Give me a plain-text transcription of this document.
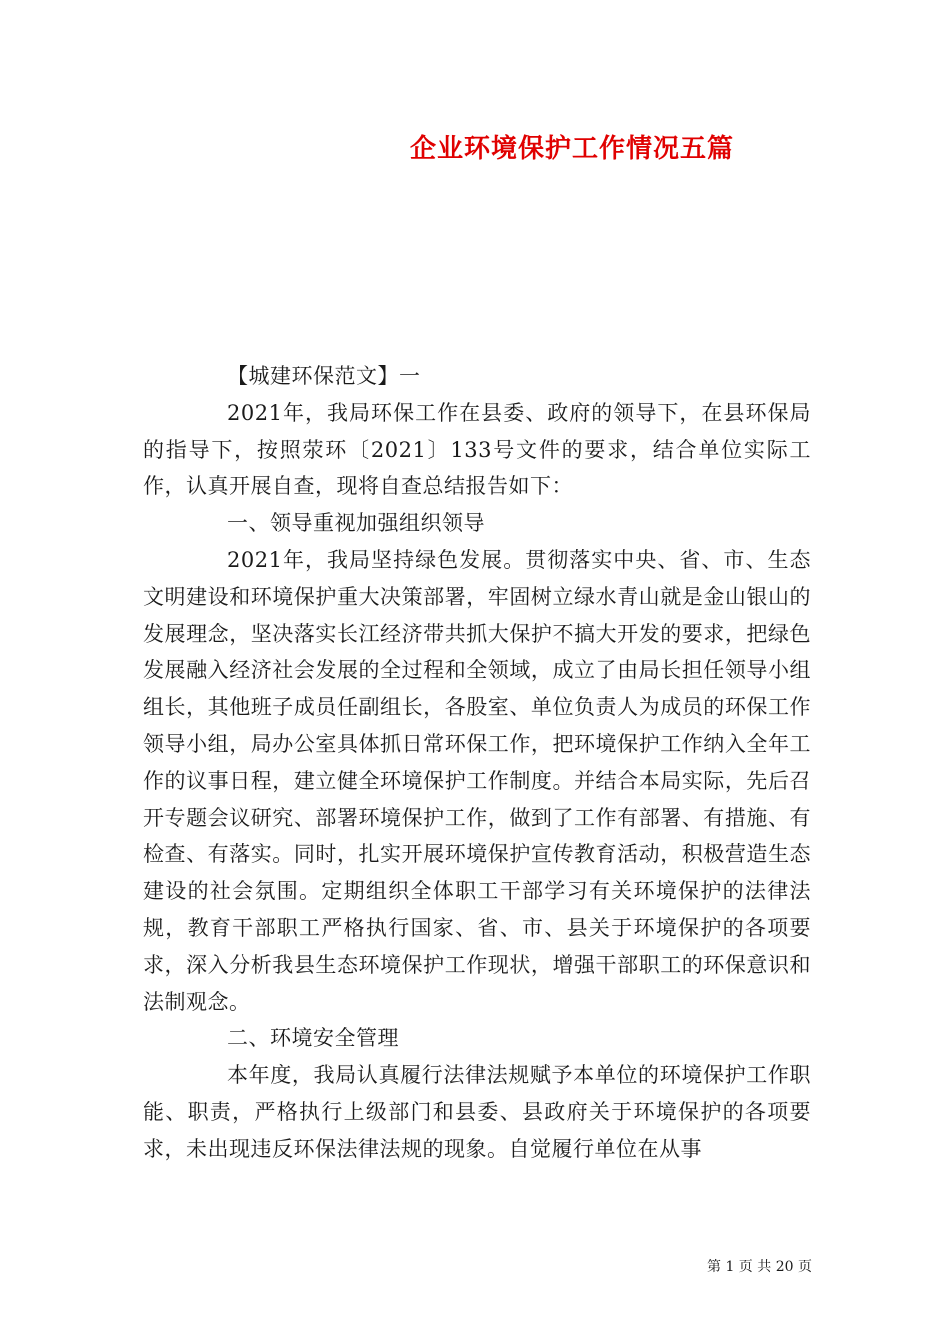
企业环境保护工作情况五篇

【城建环保范文】一

2021年，我局环保工作在县委、政府的领导下，在县环保局的指导下，按照荥环〔2021〕133号文件的要求，结合单位实际工作，认真开展自查，现将自查总结报告如下：

一、领导重视加强组织领导

2021年，我局坚持绿色发展。贯彻落实中央、省、市、生态文明建设和环境保护重大决策部署，牢固树立绿水青山就是金山银山的发展理念，坚决落实长江经济带共抓大保护不搞大开发的要求，把绿色发展融入经济社会发展的全过程和全领域，成立了由局长担任领导小组组长，其他班子成员任副组长，各股室、单位负责人为成员的环保工作领导小组，局办公室具体抓日常环保工作，把环境保护工作纳入全年工作的议事日程，建立健全环境保护工作制度。并结合本局实际，先后召开专题会议研究、部署环境保护工作，做到了工作有部署、有措施、有检查、有落实。同时，扎实开展环境保护宣传教育活动，积极营造生态建设的社会氛围。定期组织全体职工干部学习有关环境保护的法律法规，教育干部职工严格执行国家、省、市、县关于环境保护的各项要求，深入分析我县生态环境保护工作现状，增强干部职工的环保意识和法制观念。

二、环境安全管理

本年度，我局认真履行法律法规赋予本单位的环境保护工作职能、职责，严格执行上级部门和县委、县政府关于环境保护的各项要求，未出现违反环保法律法规的现象。自觉履行单位在从事

第 1 页 共 20 页
